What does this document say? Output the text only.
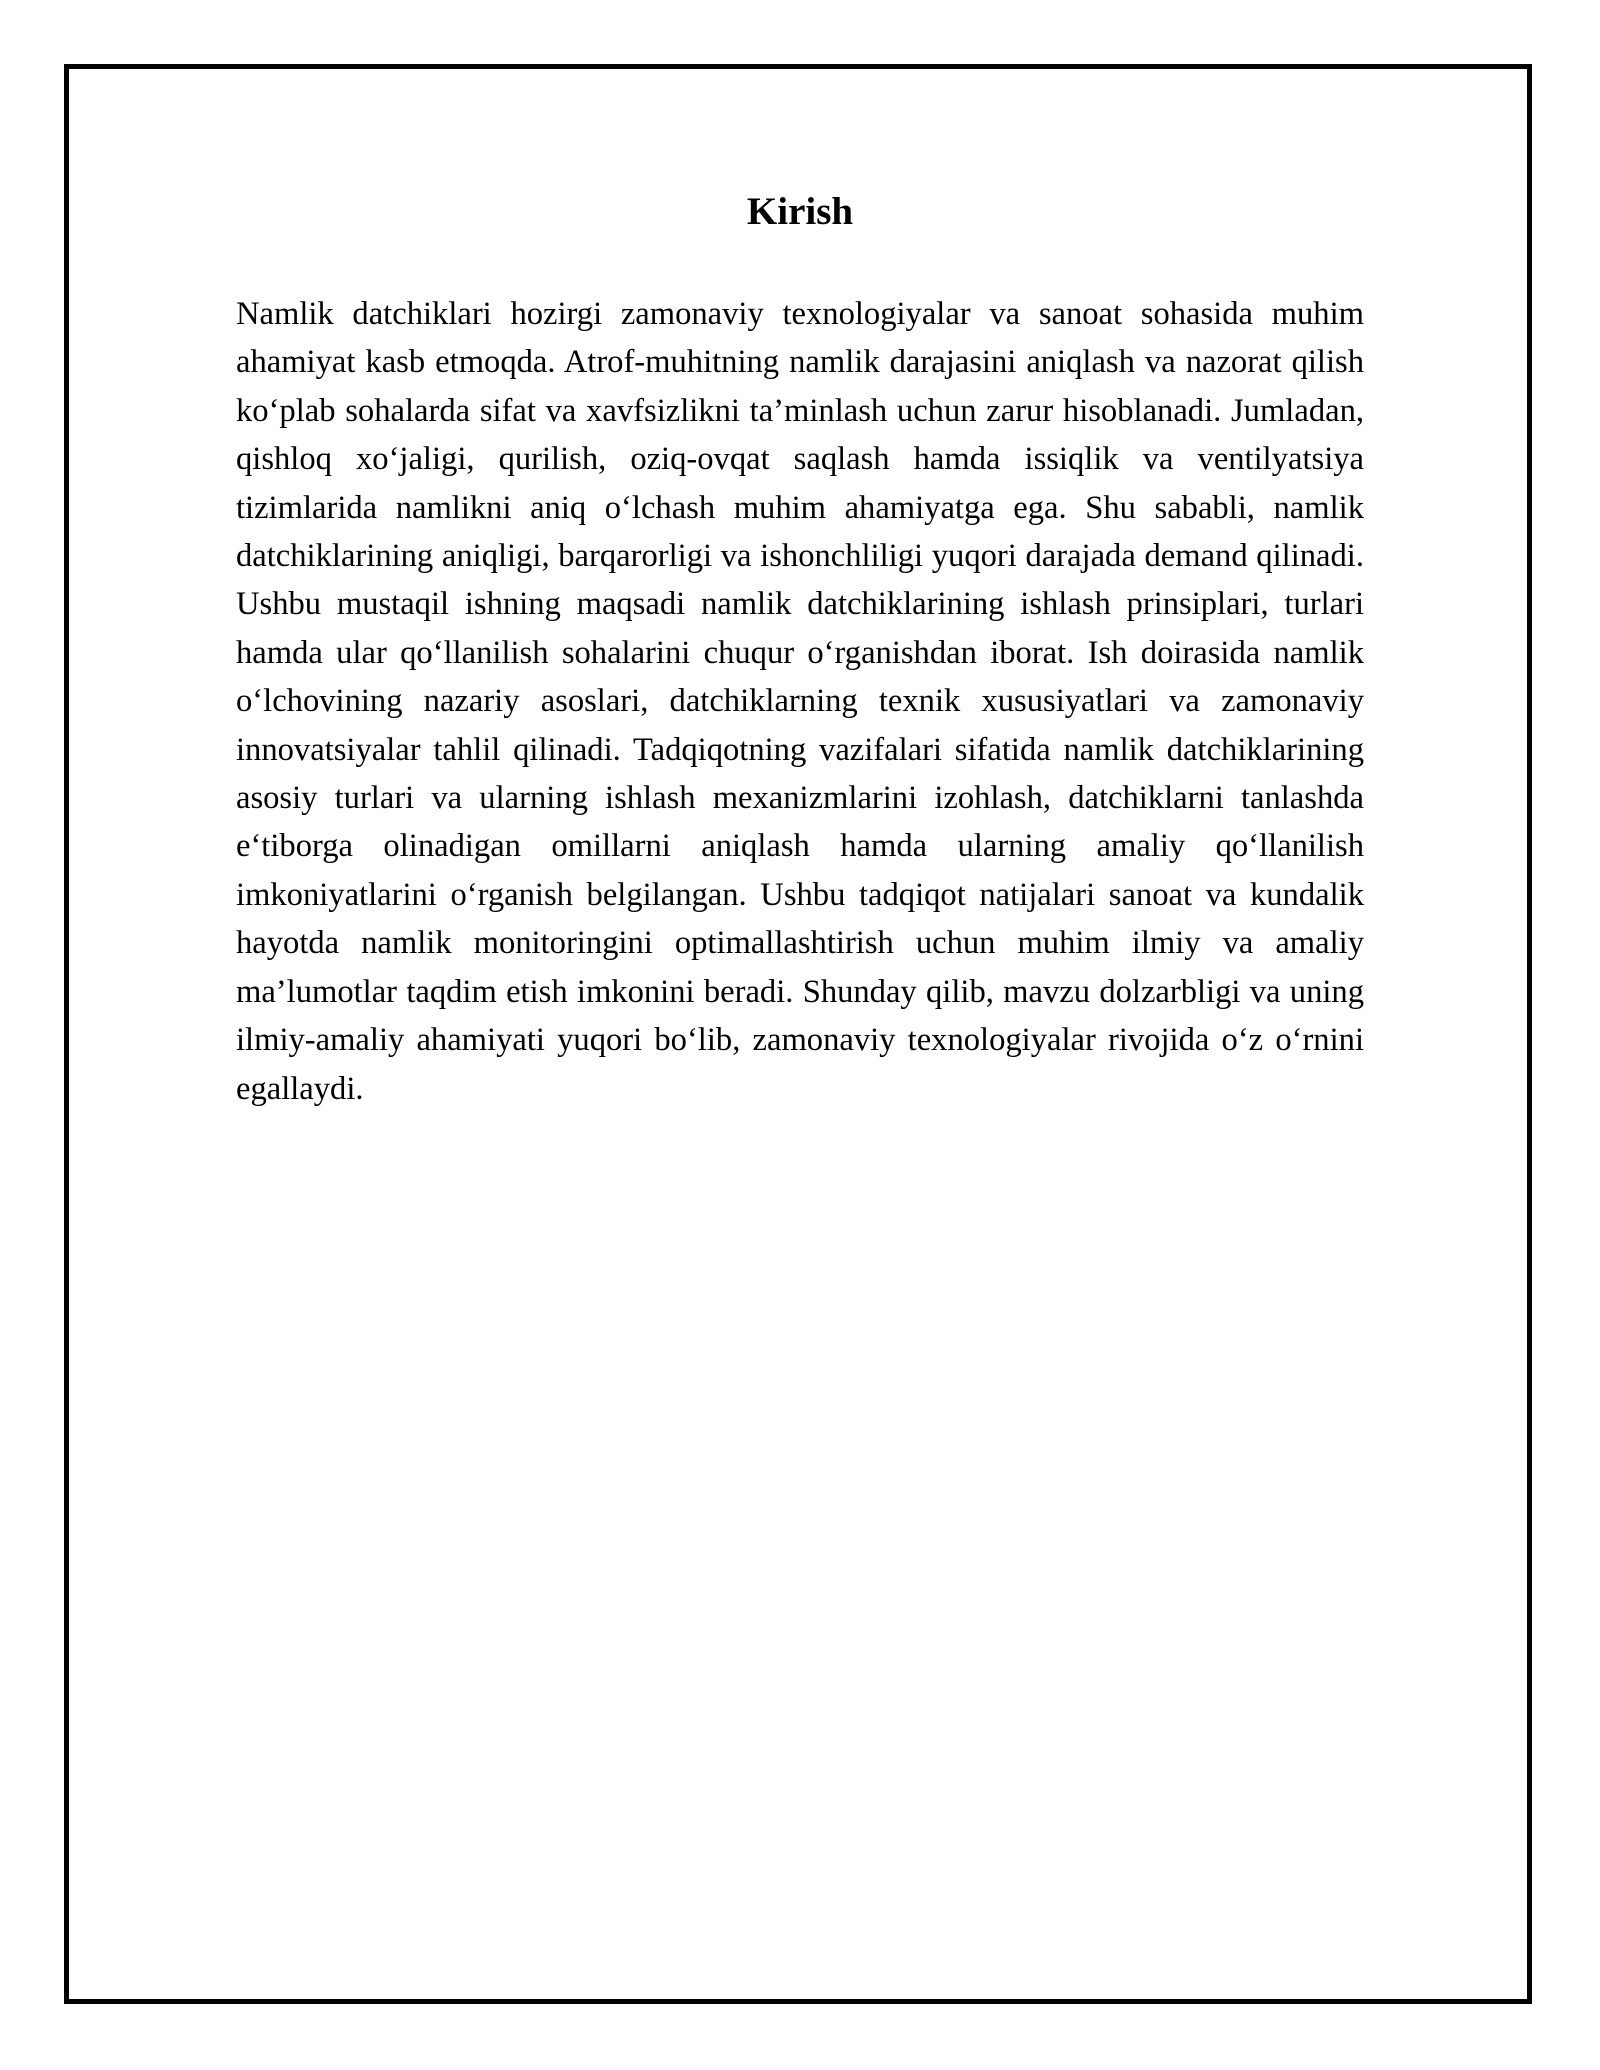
Kirish

Namlik datchiklari hozirgi zamonaviy texnologiyalar va sanoat sohasida muhim ahamiyat kasb etmoqda. Atrof-muhitning namlik darajasini aniqlash va nazorat qilish ko‘plab sohalarda sifat va xavfsizlikni ta’minlash uchun zarur hisoblanadi. Jumladan, qishloq xo‘jaligi, qurilish, oziq-ovqat saqlash hamda issiqlik va ventilyatsiya tizimlarida namlikni aniq o‘lchash muhim ahamiyatga ega. Shu sababli, namlik datchiklarining aniqligi, barqarorligi va ishonchliligi yuqori darajada demand qilinadi. Ushbu mustaqil ishning maqsadi namlik datchiklarining ishlash prinsiplari, turlari hamda ular qo‘llanilish sohalarini chuqur o‘rganishdan iborat. Ish doirasida namlik o‘lchovining nazariy asoslari, datchiklarning texnik xususiyatlari va zamonaviy innovatsiyalar tahlil qilinadi. Tadqiqotning vazifalari sifatida namlik datchiklarining asosiy turlari va ularning ishlash mexanizmlarini izohlash, datchiklarni tanlashda e‘tiborga olinadigan omillarni aniqlash hamda ularning amaliy qo‘llanilish imkoniyatlarini o‘rganish belgilangan. Ushbu tadqiqot natijalari sanoat va kundalik hayotda namlik monitoringini optimallashtirish uchun muhim ilmiy va amaliy ma’lumotlar taqdim etish imkonini beradi. Shunday qilib, mavzu dolzarbligi va uning ilmiy-amaliy ahamiyati yuqori bo‘lib, zamonaviy texnologiyalar rivojida o‘z o‘rnini egallaydi.
